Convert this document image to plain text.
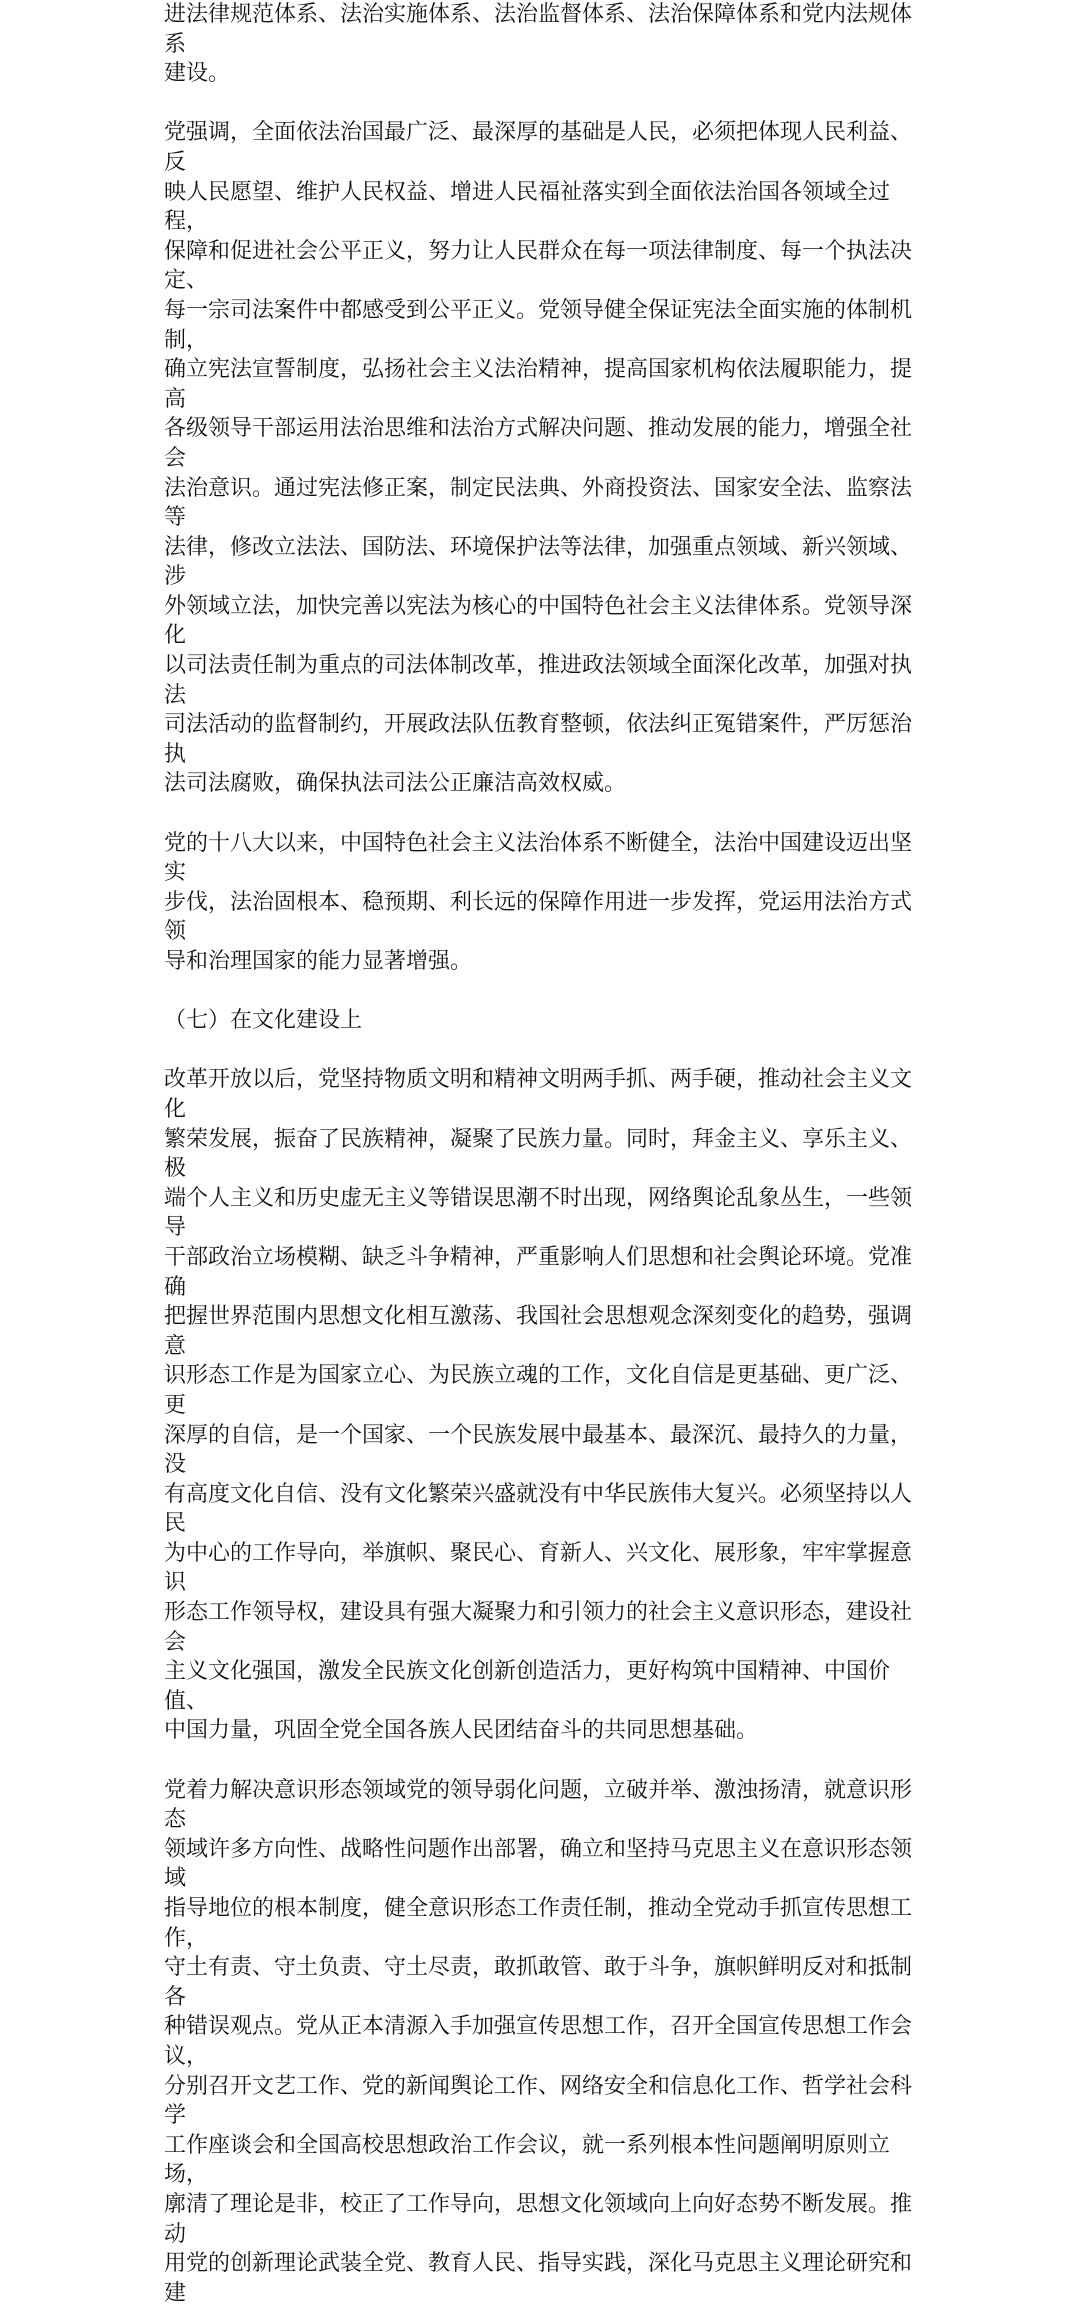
进法律规范体系、法治实施体系、法治监督体系、法治保障体系和党内法规体系
建设。

党强调，全面依法治国最广泛、最深厚的基础是人民，必须把体现人民利益、反
映人民愿望、维护人民权益、增进人民福祉落实到全面依法治国各领域全过程，
保障和促进社会公平正义，努力让人民群众在每一项法律制度、每一个执法决定、
每一宗司法案件中都感受到公平正义。党领导健全保证宪法全面实施的体制机制，
确立宪法宣誓制度，弘扬社会主义法治精神，提高国家机构依法履职能力，提高
各级领导干部运用法治思维和法治方式解决问题、推动发展的能力，增强全社会
法治意识。通过宪法修正案，制定民法典、外商投资法、国家安全法、监察法等
法律，修改立法法、国防法、环境保护法等法律，加强重点领域、新兴领域、涉
外领域立法，加快完善以宪法为核心的中国特色社会主义法律体系。党领导深化
以司法责任制为重点的司法体制改革，推进政法领域全面深化改革，加强对执法
司法活动的监督制约，开展政法队伍教育整顿，依法纠正冤错案件，严厉惩治执
法司法腐败，确保执法司法公正廉洁高效权威。

党的十八大以来，中国特色社会主义法治体系不断健全，法治中国建设迈出坚实
步伐，法治固根本、稳预期、利长远的保障作用进一步发挥，党运用法治方式领
导和治理国家的能力显著增强。

（七）在文化建设上

改革开放以后，党坚持物质文明和精神文明两手抓、两手硬，推动社会主义文化
繁荣发展，振奋了民族精神，凝聚了民族力量。同时，拜金主义、享乐主义、极
端个人主义和历史虚无主义等错误思潮不时出现，网络舆论乱象丛生，一些领导
干部政治立场模糊、缺乏斗争精神，严重影响人们思想和社会舆论环境。党准确
把握世界范围内思想文化相互激荡、我国社会思想观念深刻变化的趋势，强调意
识形态工作是为国家立心、为民族立魂的工作，文化自信是更基础、更广泛、更
深厚的自信，是一个国家、一个民族发展中最基本、最深沉、最持久的力量，没
有高度文化自信、没有文化繁荣兴盛就没有中华民族伟大复兴。必须坚持以人民
为中心的工作导向，举旗帜、聚民心、育新人、兴文化、展形象，牢牢掌握意识
形态工作领导权，建设具有强大凝聚力和引领力的社会主义意识形态，建设社会
主义文化强国，激发全民族文化创新创造活力，更好构筑中国精神、中国价值、
中国力量，巩固全党全国各族人民团结奋斗的共同思想基础。

党着力解决意识形态领域党的领导弱化问题，立破并举、激浊扬清，就意识形态
领域许多方向性、战略性问题作出部署，确立和坚持马克思主义在意识形态领域
指导地位的根本制度，健全意识形态工作责任制，推动全党动手抓宣传思想工作，
守土有责、守土负责、守土尽责，敢抓敢管、敢于斗争，旗帜鲜明反对和抵制各
种错误观点。党从正本清源入手加强宣传思想工作，召开全国宣传思想工作会议，
分别召开文艺工作、党的新闻舆论工作、网络安全和信息化工作、哲学社会科学
工作座谈会和全国高校思想政治工作会议，就一系列根本性问题阐明原则立场，
廓清了理论是非，校正了工作导向，思想文化领域向上向好态势不断发展。推动
用党的创新理论武装全党、教育人民、指导实践，深化马克思主义理论研究和建
